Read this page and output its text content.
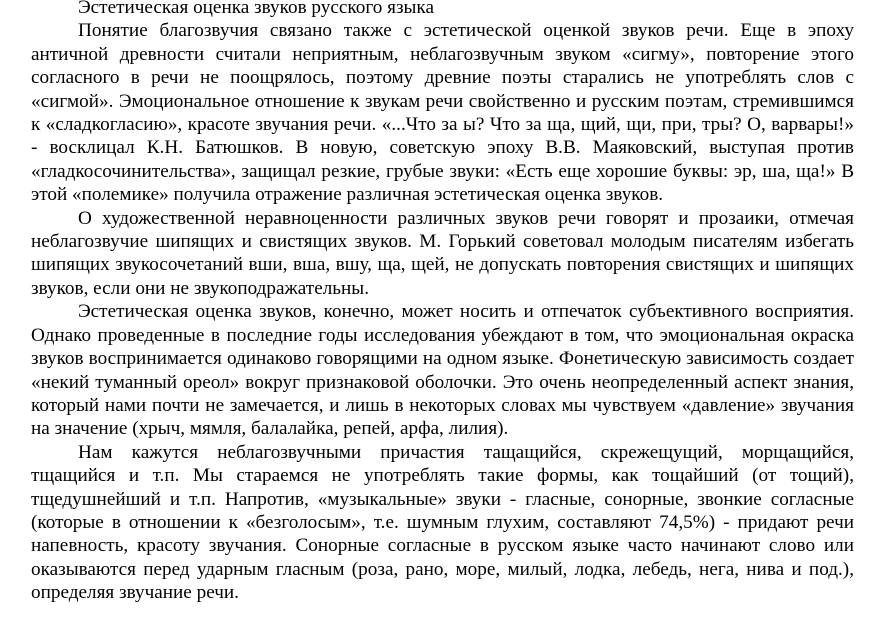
Эстетическая оценка звуков русского языка

Понятие благозвучия связано также с эстетической оценкой звуков речи. Еще в эпоху античной древности считали неприятным, неблагозвучным звуком «сигму», повторение этого согласного в речи не поощрялось, поэтому древние поэты старались не употреблять слов с «сигмой». Эмоциональное отношение к звукам речи свойственно и русским поэтам, стремившимся к «сладкогласию», красоте звучания речи. «...Что за ы? Что за ща, щий, щи, при, тры? О, варвары!» - восклицал К.Н. Батюшков. В новую, советскую эпоху В.В. Маяковский, выступая против «гладкосочинительства», защищал резкие, грубые звуки: «Есть еще хорошие буквы: эр, ша, ща!» В этой «полемике» получила отражение различная эстетическая оценка звуков.

О художественной неравноценности различных звуков речи говорят и прозаики, отмечая неблагозвучие шипящих и свистящих звуков. М. Горький советовал молодым писателям избегать шипящих звукосочетаний вши, вша, вшу, ща, щей, не допускать повторения свистящих и шипящих звуков, если они не звукоподражательны.

Эстетическая оценка звуков, конечно, может носить и отпечаток субъективного восприятия. Однако проведенные в последние годы исследования убеждают в том, что эмоциональная окраска звуков воспринимается одинаково говорящими на одном языке. Фонетическую зависимость создает «некий туманный ореол» вокруг признаковой оболочки. Это очень неопределенный аспект знания, который нами почти не замечается, и лишь в некоторых словах мы чувствуем «давление» звучания на значение (хрыч, мямля, балалайка, репей, арфа, лилия).

Нам кажутся неблагозвучными причастия тащащийся, скрежещущий, морщащийся, тщащийся и т.п. Мы стараемся не употреблять такие формы, как тощайший (от тощий), тщедушнейший и т.п. Напротив, «музыкальные» звуки - гласные, сонорные, звонкие согласные (которые в отношении к «безголосым», т.е. шумным глухим, составляют 74,5%) - придают речи напевность, красоту звучания. Сонорные согласные в русском языке часто начинают слово или оказываются перед ударным гласным (роза, рано, море, милый, лодка, лебедь, нега, нива и под.), определяя звучание речи.
